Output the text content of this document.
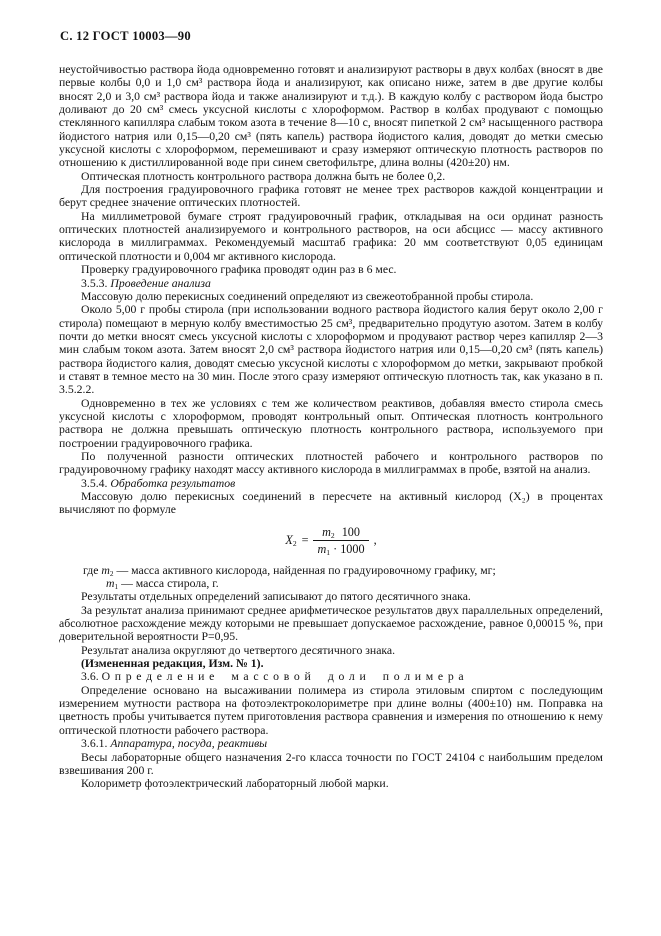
С. 12 ГОСТ 10003—90

неустойчивостью раствора йода одновременно готовят и анализируют растворы в двух колбах (вносят в две первые колбы 0,0 и 1,0 см³ раствора йода и анализируют, как описано ниже, затем в две другие колбы вносят 2,0 и 3,0 см³ раствора йода и также анализируют и т.д.). В каждую колбу с раствором йода быстро доливают до 20 см³ смесь уксусной кислоты с хлороформом. Раствор в колбах продувают с помощью стеклянного капилляра слабым током азота в течение 8—10 с, вносят пипеткой 2 см³ насыщенного раствора йодистого натрия или 0,15—0,20 см³ (пять капель) раствора йодистого калия, доводят до метки смесью уксусной кислоты с хлороформом, перемешивают и сразу измеряют оптическую плотность растворов по отношению к дистиллированной воде при синем светофильтре, длина волны (420±20) нм.

Оптическая плотность контрольного раствора должна быть не более 0,2.

Для построения градуировочного графика готовят не менее трех растворов каждой концентрации и берут среднее значение оптических плотностей.

На миллиметровой бумаге строят градуировочный график, откладывая на оси ординат разность оптических плотностей анализируемого и контрольного растворов, на оси абсцисс — массу активного кислорода в миллиграммах. Рекомендуемый масштаб графика: 20 мм соответствуют 0,05 единицам оптической плотности и 0,004 мг активного кислорода.

Проверку градуировочного графика проводят один раз в 6 мес.

3.5.3. Проведение анализа

Массовую долю перекисных соединений определяют из свежеотобранной пробы стирола.

Около 5,00 г пробы стирола (при использовании водного раствора йодистого калия берут около 2,00 г стирола) помещают в мерную колбу вместимостью 25 см³, предварительно продутую азотом. Затем в колбу почти до метки вносят смесь уксусной кислоты с хлороформом и продувают раствор через капилляр 2—3 мин слабым током азота. Затем вносят 2,0 см³ раствора йодистого натрия или 0,15—0,20 см³ (пять капель) раствора йодистого калия, доводят смесью уксусной кислоты с хлороформом до метки, закрывают пробкой и ставят в темное место на 30 мин. После этого сразу измеряют оптическую плотность так, как указано в п. 3.5.2.2.

Одновременно в тех же условиях с тем же количеством реактивов, добавляя вместо стирола смесь уксусной кислоты с хлороформом, проводят контрольный опыт. Оптическая плотность контрольного раствора не должна превышать оптическую плотность контрольного раствора, используемого при построении градуировочного графика.

По полученной разности оптических плотностей рабочего и контрольного растворов по градуировочному графику находят массу активного кислорода в миллиграммах в пробе, взятой на анализ.

3.5.4. Обработка результатов

Массовую долю перекисных соединений в пересчете на активный кислород (X₂) в процентах вычисляют по формуле

$X_2 = \frac{m_2 100}{m_1 \cdot 1000}$ ,

где $m_2$ — масса активного кислорода, найденная по градуировочному графику, мг;

$m_1$ — масса стирола, г.

Результаты отдельных определений записывают до пятого десятичного знака.

За результат анализа принимают среднее арифметическое результатов двух параллельных определений, абсолютное расхождение между которыми не превышает допускаемое расхождение, равное 0,00015 %, при доверительной вероятности Р=0,95.

Результат анализа округляют до четвертого десятичного знака.

(Измененная редакция, Изм. № 1).

3.6. Определение массовой доли полимера

Определение основано на высаживании полимера из стирола этиловым спиртом с последующим измерением мутности раствора на фотоэлектроколориметре при длине волны (400±10) нм. Поправка на цветность пробы учитывается путем приготовления раствора сравнения и измерения по отношению к нему оптической плотности рабочего раствора.

3.6.1. Аппаратура, посуда, реактивы

Весы лабораторные общего назначения 2-го класса точности по ГОСТ 24104 с наибольшим пределом взвешивания 200 г.

Колориметр фотоэлектрический лабораторный любой марки.
